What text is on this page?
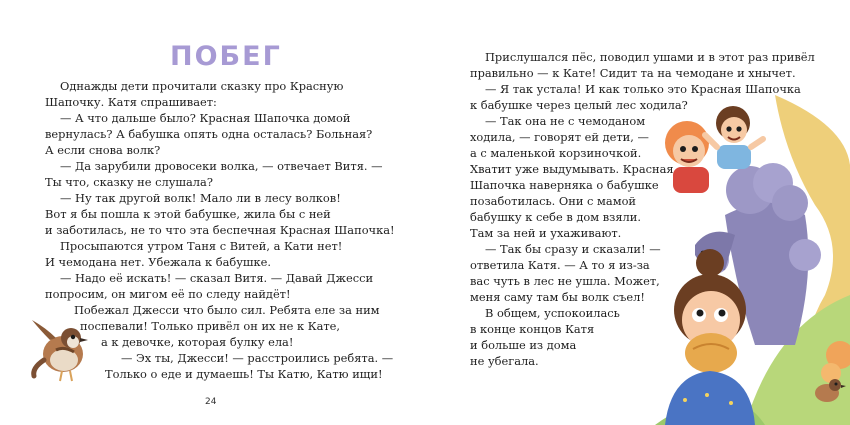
ПОБЕГ
Однажды дети прочитали сказку про Красную
Шапочку. Катя спрашивает:
— А что дальше было? Красная Шапочка домой
вернулась? А бабушка опять одна осталась? Больная?
А если снова волк?
— Да зарубили дровосеки волка, — отвечает Витя. —
Ты что, сказку не слушала?
— Ну так другой волк! Мало ли в лесу волков!
Вот я бы пошла к этой бабушке, жила бы с ней
и заботилась, не то что эта беспечная Красная Шапочка!
Просыпаются утром Таня с Витей, а Кати нет!
И чемодана нет. Убежала к бабушке.
— Надо её искать! — сказал Витя. — Давай Джесси
попросим, он мигом её по следу найдёт!
Побежал Джесси что было сил. Ребята еле за ним
поспевали! Только привёл он их не к Кате,
а к девочке, которая булку ела!
— Эх ты, Джесси! — расстроились ребята. —
Только о еде и думаешь! Ты Катю, Катю ищи!
24
Прислушался пёс, поводил ушами и в этот раз привёл
правильно — к Кате! Сидит та на чемодане и хнычет.
— Я так устала! И как только это Красная Шапочка
к бабушке через целый лес ходила?
— Так она не с чемоданом
ходила, — говорят ей дети, —
а с маленькой корзиночкой.
Хватит уже выдумывать. Красная
Шапочка наверняка о бабушке
позаботилась. Они с мамой
бабушку к себе в дом взяли.
Там за ней и ухаживают.
— Так бы сразу и сказали! —
ответила Катя. — А то я из-за
вас чуть в лес не ушла. Может,
меня саму там бы волк съел!
В общем, успокоилась
в конце концов Катя
и больше из дома
не убегала.
